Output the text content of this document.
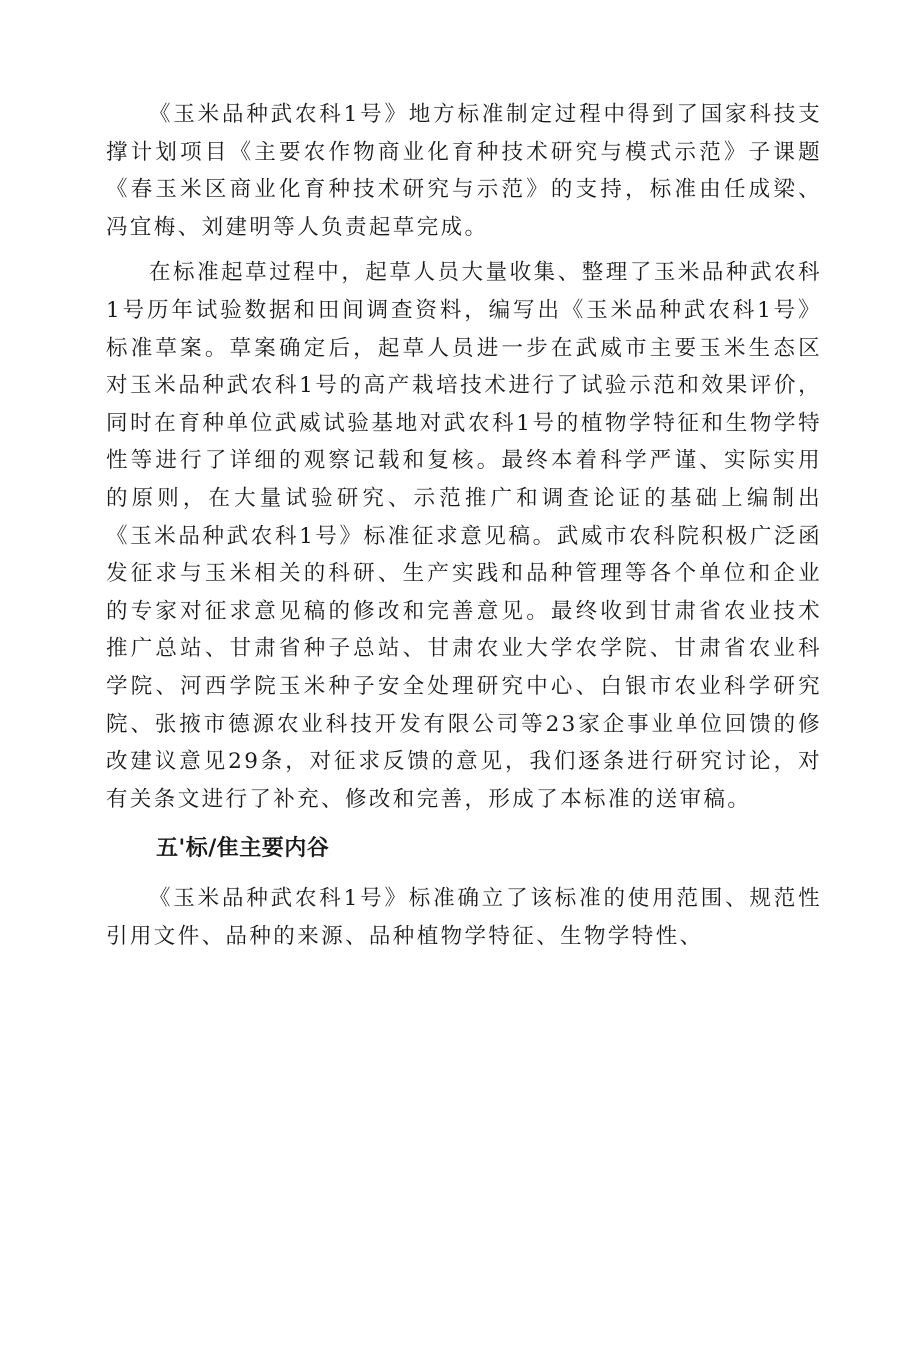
《玉米品种武农科1号》地方标准制定过程中得到了国家科技支撑计划项目《主要农作物商业化育种技术研究与模式示范》子课题《春玉米区商业化育种技术研究与示范》的支持，标准由任成梁、冯宜梅、刘建明等人负责起草完成。

在标准起草过程中，起草人员大量收集、整理了玉米品种武农科1号历年试验数据和田间调查资料，编写出《玉米品种武农科1号》标准草案。草案确定后，起草人员进一步在武威市主要玉米生态区对玉米品种武农科1号的高产栽培技术进行了试验示范和效果评价，同时在育种单位武威试验基地对武农科1号的植物学特征和生物学特性等进行了详细的观察记载和复核。最终本着科学严谨、实际实用的原则，在大量试验研究、示范推广和调查论证的基础上编制出《玉米品种武农科1号》标准征求意见稿。武威市农科院积极广泛函发征求与玉米相关的科研、生产实践和品种管理等各个单位和企业的专家对征求意见稿的修改和完善意见。最终收到甘肃省农业技术推广总站、甘肃省种子总站、甘肃农业大学农学院、甘肃省农业科学院、河西学院玉米种子安全处理研究中心、白银市农业科学研究院、张掖市德源农业科技开发有限公司等23家企事业单位回馈的修改建议意见29条，对征求反馈的意见，我们逐条进行研究讨论，对有关条文进行了补充、修改和完善，形成了本标准的送审稿。

五'标/隹主要内谷

《玉米品种武农科1号》标准确立了该标准的使用范围、规范性引用文件、品种的来源、品种植物学特征、生物学特性、
